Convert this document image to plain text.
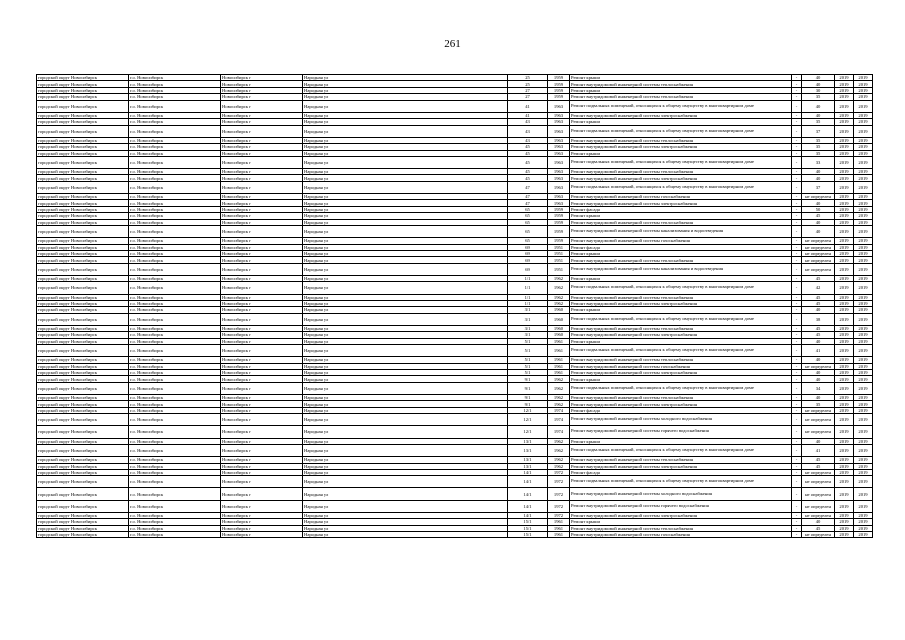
261
городской округ Новосибирск	г.о. Новосибирск	Новосибирск г	Народная ул	25	1959	Ремонт крыши	-	40	2019	2019
городской округ Новосибирск	г.о. Новосибирск	Новосибирск г	Народная ул	25	1959	Ремонт внутридомовой инженерной системы теплоснабжения	-	40	2019	2019
городской округ Новосибирск	г.о. Новосибирск	Новосибирск г	Народная ул	27	1959	Ремонт крыши	-	30	2019	2019
городской округ Новосибирск	г.о. Новосибирск	Новосибирск г	Народная ул	27	1959	Ремонт внутридомовой инженерной системы теплоснабжения	-	35	2019	2019
городской округ Новосибирск	г.о. Новосибирск	Новосибирск г	Народная ул	41	1963	Ремонт подвальных помещений, относящихся к общему имуществу в многоквартирном доме	-	40	2019	2019
городской округ Новосибирск	г.о. Новосибирск	Новосибирск г	Народная ул	41	1963	Ремонт внутридомовой инженерной системы электроснабжения	-	40	2019	2019
городской округ Новосибирск	г.о. Новосибирск	Новосибирск г	Народная ул	43	1963	Ремонт крыши	-	35	2019	2019
городской округ Новосибирск	г.о. Новосибирск	Новосибирск г	Народная ул	43	1963	Ремонт подвальных помещений, относящихся к общему имуществу в многоквартирном доме	-	37	2019	2019
городской округ Новосибирск	г.о. Новосибирск	Новосибирск г	Народная ул	43	1963	Ремонт внутридомовой инженерной системы теплоснабжения	-	35	2019	2019
городской округ Новосибирск	г.о. Новосибирск	Новосибирск г	Народная ул	45	1963	Ремонт внутридомовой инженерной системы электроснабжения	-	35	2019	2019
городской округ Новосибирск	г.о. Новосибирск	Новосибирск г	Народная ул	45	1963	Ремонт крыши	-	35	2019	2019
городской округ Новосибирск	г.о. Новосибирск	Новосибирск г	Народная ул	45	1963	Ремонт подвальных помещений, относящихся к общему имуществу в многоквартирном доме	-	33	2019	2019
городской округ Новосибирск	г.о. Новосибирск	Новосибирск г	Народная ул	45	1963	Ремонт внутридомовой инженерной системы теплоснабжения	-	40	2019	2019
городской округ Новосибирск	г.о. Новосибирск	Новосибирск г	Народная ул	45	1963	Ремонт внутридомовой инженерной системы электроснабжения	-	40	2019	2019
городской округ Новосибирск	г.о. Новосибирск	Новосибирск г	Народная ул	47	1963	Ремонт подвальных помещений, относящихся к общему имуществу в многоквартирном доме	-	37	2019	2019
городской округ Новосибирск	г.о. Новосибирск	Новосибирск г	Народная ул	47	1963	Ремонт внутридомовой инженерной системы газоснабжения	-	не определен	2019	2019
городской округ Новосибирск	г.о. Новосибирск	Новосибирск г	Народная ул	47	1963	Ремонт внутридомовой инженерной системы электроснабжения	-	40	2019	2019
городской округ Новосибирск	г.о. Новосибирск	Новосибирск г	Народная ул	65	1959	Ремонт фасада	-	50	2019	2019
городской округ Новосибирск	г.о. Новосибирск	Новосибирск г	Народная ул	65	1959	Ремонт крыши	-	45	2019	2019
городской округ Новосибирск	г.о. Новосибирск	Новосибирск г	Народная ул	65	1959	Ремонт внутридомовой инженерной системы теплоснабжения	-	40	2019	2019
городской округ Новосибирск	г.о. Новосибирск	Новосибирск г	Народная ул	65	1959	Ремонт внутридомовой инженерной системы канализования и водоотведения	-	40	2019	2019
городской округ Новосибирск	г.о. Новосибирск	Новосибирск г	Народная ул	65	1959	Ремонт внутридомовой инженерной системы газоснабжения	-	не определен	2019	2019
городской округ Новосибирск	г.о. Новосибирск	Новосибирск г	Народная ул	69	1951	Ремонт фасада	-	не определен	2019	2019
городской округ Новосибирск	г.о. Новосибирск	Новосибирск г	Народная ул	69	1951	Ремонт крыши	-	не определен	2019	2019
городской округ Новосибирск	г.о. Новосибирск	Новосибирск г	Народная ул	69	1951	Ремонт внутридомовой инженерной системы теплоснабжения	-	не определен	2019	2019
городской округ Новосибирск	г.о. Новосибирск	Новосибирск г	Народная ул	69	1951	Ремонт внутридомовой инженерной системы канализования и водоотведения	-	не определен	2019	2019
городской округ Новосибирск	г.о. Новосибирск	Новосибирск г	Народная ул	1/1	1962	Ремонт крыши	-	45	2019	2019
городской округ Новосибирск	г.о. Новосибирск	Новосибирск г	Народная ул	1/1	1962	Ремонт подвальных помещений, относящихся к общему имуществу в многоквартирном доме	-	42	2019	2019
городской округ Новосибирск	г.о. Новосибирск	Новосибирск г	Народная ул	1/1	1962	Ремонт внутридомовой инженерной системы теплоснабжения	-	45	2019	2019
городской округ Новосибирск	г.о. Новосибирск	Новосибирск г	Народная ул	1/1	1962	Ремонт внутридомовой инженерной системы электроснабжения	-	45	2019	2019
городской округ Новосибирск	г.о. Новосибирск	Новосибирск г	Народная ул	3/1	1960	Ремонт крыши	-	40	2019	2019
городской округ Новосибирск	г.о. Новосибирск	Новосибирск г	Народная ул	3/1	1960	Ремонт подвальных помещений, относящихся к общему имуществу в многоквартирном доме	-	38	2019	2019
городской округ Новосибирск	г.о. Новосибирск	Новосибирск г	Народная ул	3/1	1960	Ремонт внутридомовой инженерной системы теплоснабжения	-	45	2019	2019
городской округ Новосибирск	г.о. Новосибирск	Новосибирск г	Народная ул	3/1	1960	Ремонт внутридомовой инженерной системы электроснабжения	-	45	2019	2019
городской округ Новосибирск	г.о. Новосибирск	Новосибирск г	Народная ул	5/1	1961	Ремонт крыши	-	40	2019	2019
городской округ Новосибирск	г.о. Новосибирск	Новосибирск г	Народная ул	5/1	1961	Ремонт подвальных помещений, относящихся к общему имуществу в многоквартирном доме	-	41	2019	2019
городской округ Новосибирск	г.о. Новосибирск	Новосибирск г	Народная ул	5/1	1961	Ремонт внутридомовой инженерной системы теплоснабжения	-	40	2019	2019
городской округ Новосибирск	г.о. Новосибирск	Новосибирск г	Народная ул	5/1	1961	Ремонт внутридомовой инженерной системы газоснабжения	-	не определен	2019	2019
городской округ Новосибирск	г.о. Новосибирск	Новосибирск г	Народная ул	5/1	1961	Ремонт внутридомовой инженерной системы электроснабжения	-	40	2019	2019
городской округ Новосибирск	г.о. Новосибирск	Новосибирск г	Народная ул	9/1	1962	Ремонт крыши	-	40	2019	2019
городской округ Новосибирск	г.о. Новосибирск	Новосибирск г	Народная ул	9/1	1962	Ремонт подвальных помещений, относящихся к общему имуществу в многоквартирном доме	-	34	2019	2019
городской округ Новосибирск	г.о. Новосибирск	Новосибирск г	Народная ул	9/1	1962	Ремонт внутридомовой инженерной системы теплоснабжения	-	40	2019	2019
городской округ Новосибирск	г.о. Новосибирск	Новосибирск г	Народная ул	9/1	1962	Ремонт внутридомовой инженерной системы электроснабжения	-	35	2019	2019
городской округ Новосибирск	г.о. Новосибирск	Новосибирск г	Народная ул	12/1	1974	Ремонт фасада	-	не определен	2019	2019
городской округ Новосибирск	г.о. Новосибирск	Новосибирск г	Народная ул	12/1	1974	Ремонт внутридомовой инженерной системы холодного водоснабжения	-	не определен	2019	2019
городской округ Новосибирск	г.о. Новосибирск	Новосибирск г	Народная ул	12/1	1974	Ремонт внутридомовой инженерной системы горячего водоснабжения	-	не определен	2019	2019
городской округ Новосибирск	г.о. Новосибирск	Новосибирск г	Народная ул	13/1	1962	Ремонт крыши	-	40	2019	2019
городской округ Новосибирск	г.о. Новосибирск	Новосибирск г	Народная ул	13/1	1962	Ремонт подвальных помещений, относящихся к общему имуществу в многоквартирном доме	-	41	2019	2019
городской округ Новосибирск	г.о. Новосибирск	Новосибирск г	Народная ул	13/1	1962	Ремонт внутридомовой инженерной системы теплоснабжения	-	45	2019	2019
городской округ Новосибирск	г.о. Новосибирск	Новосибирск г	Народная ул	13/1	1962	Ремонт внутридомовой инженерной системы электроснабжения	-	45	2019	2019
городской округ Новосибирск	г.о. Новосибирск	Новосибирск г	Народная ул	14/1	1972	Ремонт фасада	-	не определен	2019	2019
городской округ Новосибирск	г.о. Новосибирск	Новосибирск г	Народная ул	14/1	1972	Ремонт подвальных помещений, относящихся к общему имуществу в многоквартирном доме	-	не определен	2019	2019
городской округ Новосибирск	г.о. Новосибирск	Новосибирск г	Народная ул	14/1	1972	Ремонт внутридомовой инженерной системы холодного водоснабжения	-	не определен	2019	2019
городской округ Новосибирск	г.о. Новосибирск	Новосибирск г	Народная ул	14/1	1972	Ремонт внутридомовой инженерной системы горячего водоснабжения	-	не определен	2019	2019
городской округ Новосибирск	г.о. Новосибирск	Новосибирск г	Народная ул	14/1	1972	Ремонт внутридомовой инженерной системы электроснабжения	-	не определен	2019	2019
городской округ Новосибирск	г.о. Новосибирск	Новосибирск г	Народная ул	15/1	1961	Ремонт крыши	-	40	2019	2019
городской округ Новосибирск	г.о. Новосибирск	Новосибирск г	Народная ул	15/1	1961	Ремонт внутридомовой инженерной системы теплоснабжения	-	45	2019	2019
городской округ Новосибирск	г.о. Новосибирск	Новосибирск г	Народная ул	15/1	1961	Ремонт внутридомовой инженерной системы газоснабжения	-	не определен	2019	2019
